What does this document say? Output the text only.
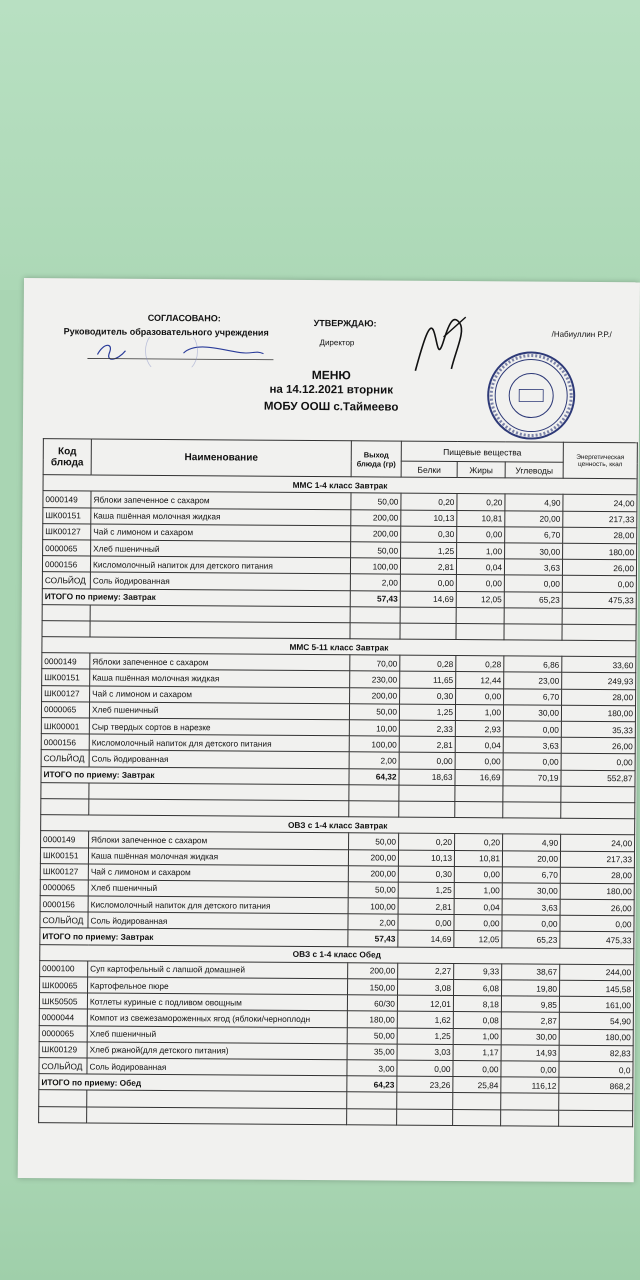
СОГЛАСОВАНО:
Руководитель образовательного учреждения
УТВЕРЖДАЮ:
Директор
/Набиуллин Р.Р./
МЕНЮ
на 14.12.2021 вторник
МОБУ ООШ с.Таймеево
Код блюда	Наименование	Выход блюда (гр)	Пищевые вещества			Энергетическая ценность, ккал
			Белки	Жиры	Углеводы	
ММС 1-4 класс Завтрак						
0000149	Яблоки запеченное с сахаром	50,00	0,20	0,20	4,90	24,00
ШК00151	Каша пшённая молочная жидкая	200,00	10,13	10,81	20,00	217,33
ШК00127	Чай с лимоном и сахаром	200,00	0,30	0,00	6,70	28,00
0000065	Хлеб пшеничный	50,00	1,25	1,00	30,00	180,00
0000156	Кисломолочный напиток для детского питания	100,00	2,81	0,04	3,63	26,00
СОЛЬЙОД	Соль йодированная	2,00	0,00	0,00	0,00	0,00
ИТОГО по приему: Завтрак		57,43	14,69	12,05	65,23	475,33

ММС 5-11 класс Завтрак						
0000149	Яблоки запеченное с сахаром	70,00	0,28	0,28	6,86	33,60
ШК00151	Каша пшённая молочная жидкая	230,00	11,65	12,44	23,00	249,93
ШК00127	Чай с лимоном и сахаром	200,00	0,30	0,00	6,70	28,00
0000065	Хлеб пшеничный	50,00	1,25	1,00	30,00	180,00
ШК00001	Сыр твердых сортов в нарезке	10,00	2,33	2,93	0,00	35,33
0000156	Кисломолочный напиток для детского питания	100,00	2,81	0,04	3,63	26,00
СОЛЬЙОД	Соль йодированная	2,00	0,00	0,00	0,00	0,00
ИТОГО по приему: Завтрак		64,32	18,63	16,69	70,19	552,87

ОВЗ с 1-4 класс Завтрак						
0000149	Яблоки запеченное с сахаром	50,00	0,20	0,20	4,90	24,00
ШК00151	Каша пшённая молочная жидкая	200,00	10,13	10,81	20,00	217,33
ШК00127	Чай с лимоном и сахаром	200,00	0,30	0,00	6,70	28,00
0000065	Хлеб пшеничный	50,00	1,25	1,00	30,00	180,00
0000156	Кисломолочный напиток для детского питания	100,00	2,81	0,04	3,63	26,00
СОЛЬЙОД	Соль йодированная	2,00	0,00	0,00	0,00	0,00
ИТОГО по приему: Завтрак		57,43	14,69	12,05	65,23	475,33
ОВЗ с 1-4 класс Обед						
0000100	Суп картофельный с лапшой домашней	200,00	2,27	9,33	38,67	244,00
ШК00065	Картофельное пюре	150,00	3,08	6,08	19,80	145,58
ШК50505	Котлеты куриные с подливом овощным	60/30	12,01	8,18	9,85	161,00
0000044	Компот из свежезамороженных ягод (яблоки/черноплодн	180,00	1,62	0,08	2,87	54,90
0000065	Хлеб пшеничный	50,00	1,25	1,00	30,00	180,00
ШК00129	Хлеб ржаной(для детского питания)	35,00	3,03	1,17	14,93	82,83
СОЛЬЙОД	Соль йодированная	3,00	0,00	0,00	0,00	0,0
ИТОГО по приему: Обед		64,23	23,26	25,84	116,12	868,2
